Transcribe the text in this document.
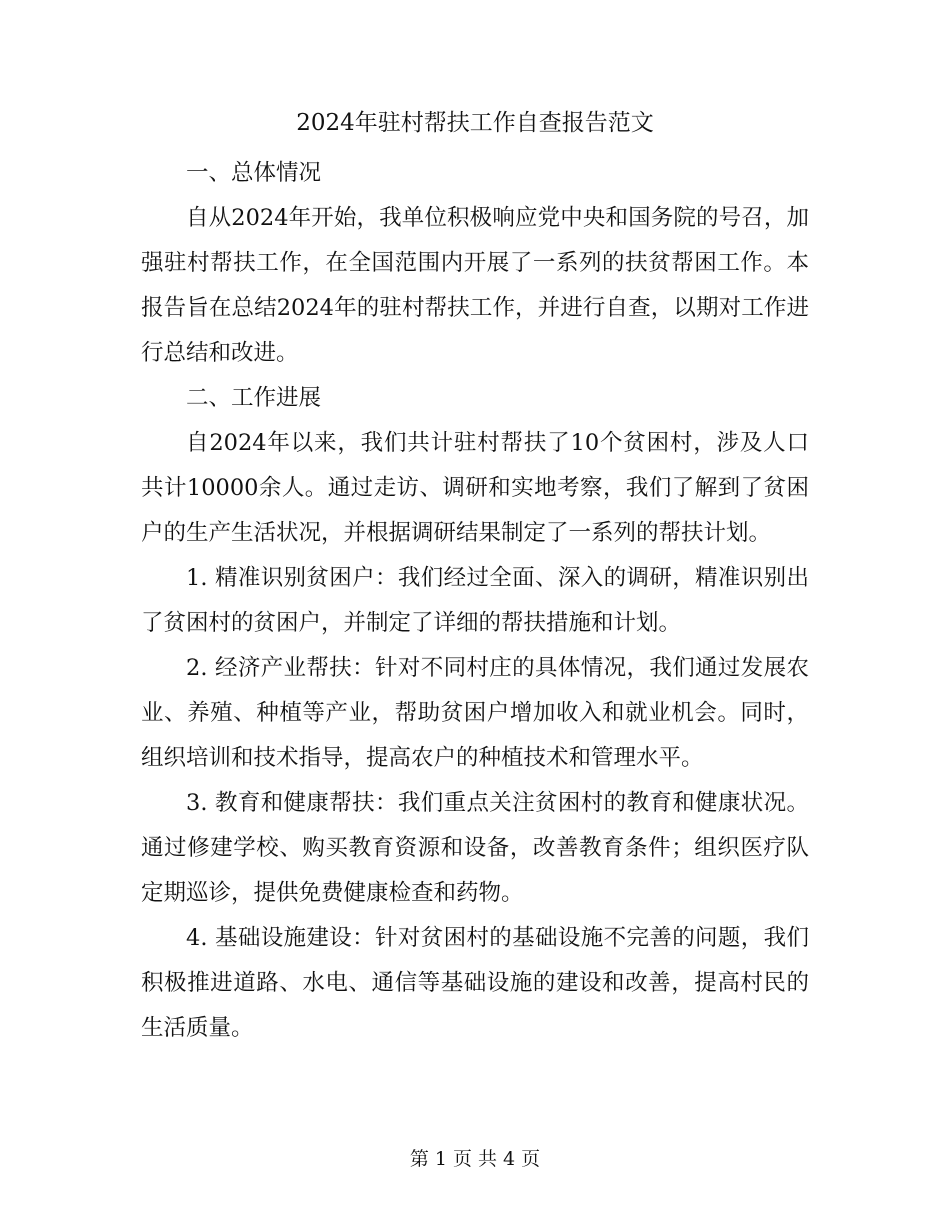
2024年驻村帮扶工作自查报告范文

一、总体情况

自从2024年开始，我单位积极响应党中央和国务院的号召，加强驻村帮扶工作，在全国范围内开展了一系列的扶贫帮困工作。本报告旨在总结2024年的驻村帮扶工作，并进行自查，以期对工作进行总结和改进。

二、工作进展

自2024年以来，我们共计驻村帮扶了10个贫困村，涉及人口共计10000余人。通过走访、调研和实地考察，我们了解到了贫困户的生产生活状况，并根据调研结果制定了一系列的帮扶计划。

1. 精准识别贫困户：我们经过全面、深入的调研，精准识别出了贫困村的贫困户，并制定了详细的帮扶措施和计划。

2. 经济产业帮扶：针对不同村庄的具体情况，我们通过发展农业、养殖、种植等产业，帮助贫困户增加收入和就业机会。同时，组织培训和技术指导，提高农户的种植技术和管理水平。

3. 教育和健康帮扶：我们重点关注贫困村的教育和健康状况。通过修建学校、购买教育资源和设备，改善教育条件；组织医疗队定期巡诊，提供免费健康检查和药物。

4. 基础设施建设：针对贫困村的基础设施不完善的问题，我们积极推进道路、水电、通信等基础设施的建设和改善，提高村民的生活质量。

第 1 页 共 4 页
